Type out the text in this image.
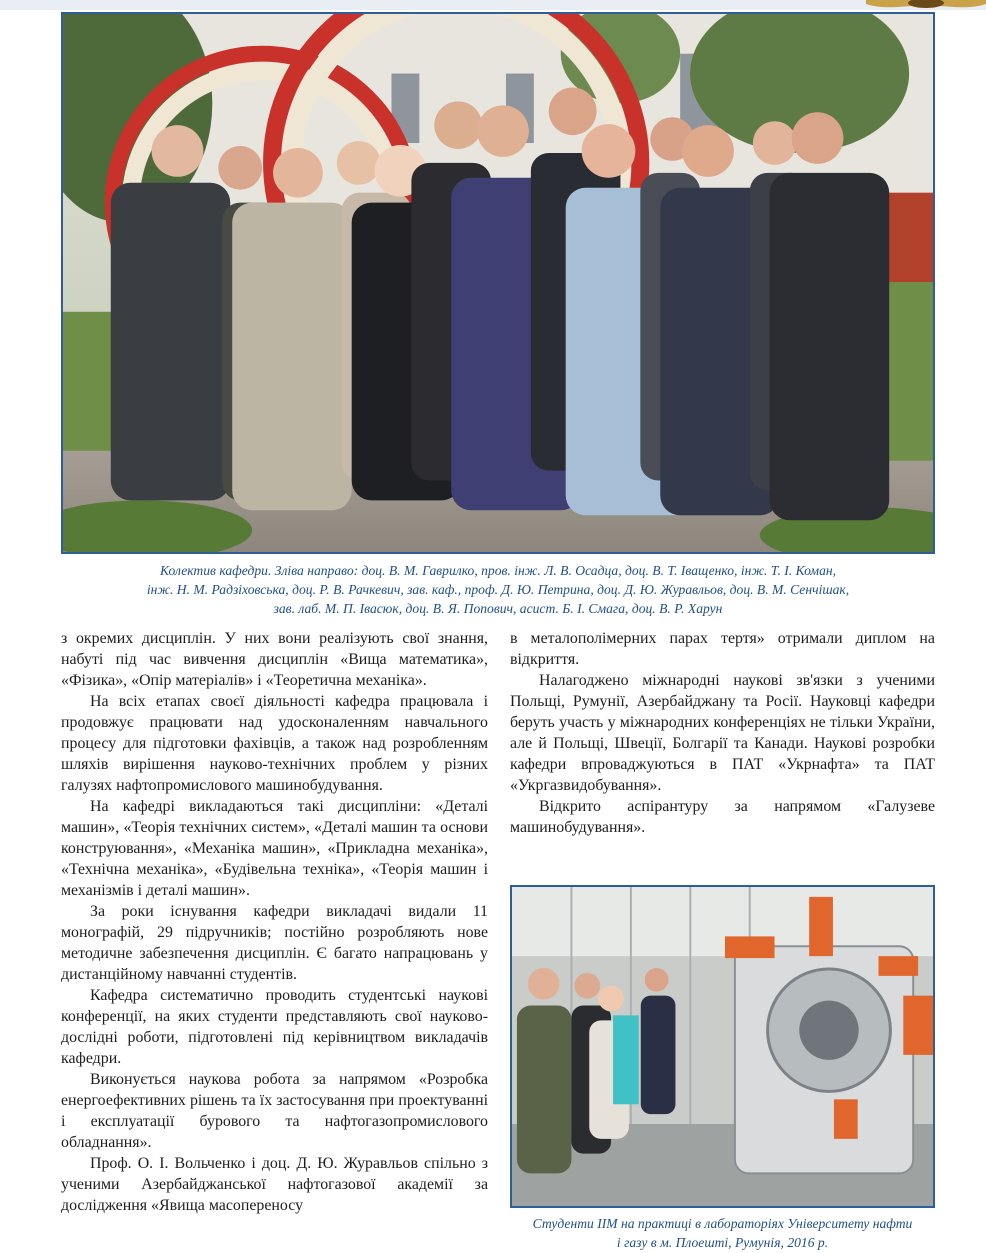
Колектив кафедри. Зліва направо: доц. В. М. Гаврилко, пров. інж. Л. В. Осадца, доц. В. Т. Іващенко, інж. Т. І. Коман,
інж. Н. М. Радзіховська, доц. Р. В. Рачкевич, зав. каф., проф. Д. Ю. Петрина, доц. Д. Ю. Журавльов, доц. В. М. Сенчішак,
зав. лаб. М. П. Івасюк, доц. В. Я. Попович, асист. Б. І. Смага, доц. В. Р. Харун

з окремих дисциплін. У них вони реалізують свої знання, набуті під час вивчення дисциплін «Вища математика», «Фізика», «Опір матеріалів» і «Теоретична механіка».

На всіх етапах своєї діяльності кафедра працювала і продовжує працювати над удосконаленням навчального процесу для підготовки фахівців, а також над розробленням шляхів вирішення науково-технічних проблем у різних галузях нафтопромислового машинобудування.

На кафедрі викладаються такі дисципліни: «Деталі машин», «Теорія технічних систем», «Деталі машин та основи конструювання», «Механіка машин», «Прикладна механіка», «Технічна механіка», «Будівельна техніка», «Теорія машин і механізмів і деталі машин».

За роки існування кафедри викладачі видали 11 монографій, 29 підручників; постійно розробляють нове методичне забезпечення дисциплін. Є багато напрацювань у дистанційному навчанні студентів.

Кафедра систематично проводить студентські наукові конференції, на яких студенти представляють свої науково-дослідні роботи, підготовлені під керівництвом викладачів кафедри.

Виконується наукова робота за напрямом «Розробка енергоефективних рішень та їх застосування при проектуванні і експлуатації бурового та нафтогазопромислового обладнання».

Проф. О. І. Вольченко і доц. Д. Ю. Журавльов спільно з ученими Азербайджанської нафтогазової академії за дослідження «Явища масопереносу

в металополімерних парах тертя» отримали диплом на відкриття.

Налагоджено міжнародні наукові зв'язки з ученими Польщі, Румунії, Азербайджану та Росії. Науковці кафедри беруть участь у міжнародних конференціях не тільки України, але й Польщі, Швеції, Болгарії та Канади. Наукові розробки кафедри впроваджуються в ПАТ «Укрнафта» та ПАТ «Укргазвидобування».

Відкрито аспірантуру за напрямом «Галузеве машинобудування».

Студенти ІІМ на практиці в лабораторіях Університету нафти
і газу в м. Плоешті, Румунія, 2016 р.
